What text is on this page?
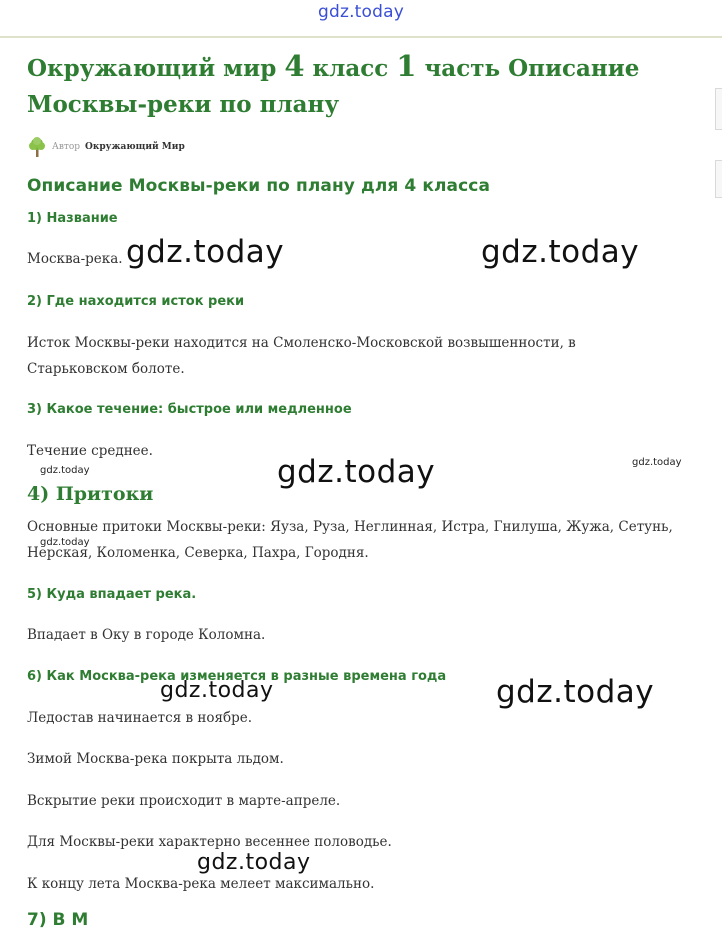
gdz.today
Окружающий мир 4 класс 1 часть Описание Москвы-реки по плану
Автор Окружающий Мир
Описание Москвы-реки по плану для 4 класса
1) Название

Москва-река.

2) Где находится исток реки

Исток Москвы-реки находится на Смоленско-Московской возвышенности, в Старьковском болоте.

3) Какое течение: быстрое или медленное

Течение среднее.

4) Притоки

Основные притоки Москвы-реки: Яуза, Руза, Неглинная, Истра, Гнилуша, Жужа, Сетунь, Нерская, Коломенка, Северка, Пахра, Городня.

5) Куда впадает река.

Впадает в Оку в городе Коломна.

6) Как Москва-река изменяется в разные времена года

Ледостав начинается в ноябре.

Зимой Москва-река покрыта льдом.

Вскрытие реки происходит в марте-апреле.

Для Москвы-реки характерно весеннее половодье.

К концу лета Москва-река мелеет максимально.

7) В М
gdz.today	gdz.today
gdz.today
gdz.today
gdz.today
gdz.today
gdz.today	gdz.today
gdz.today
